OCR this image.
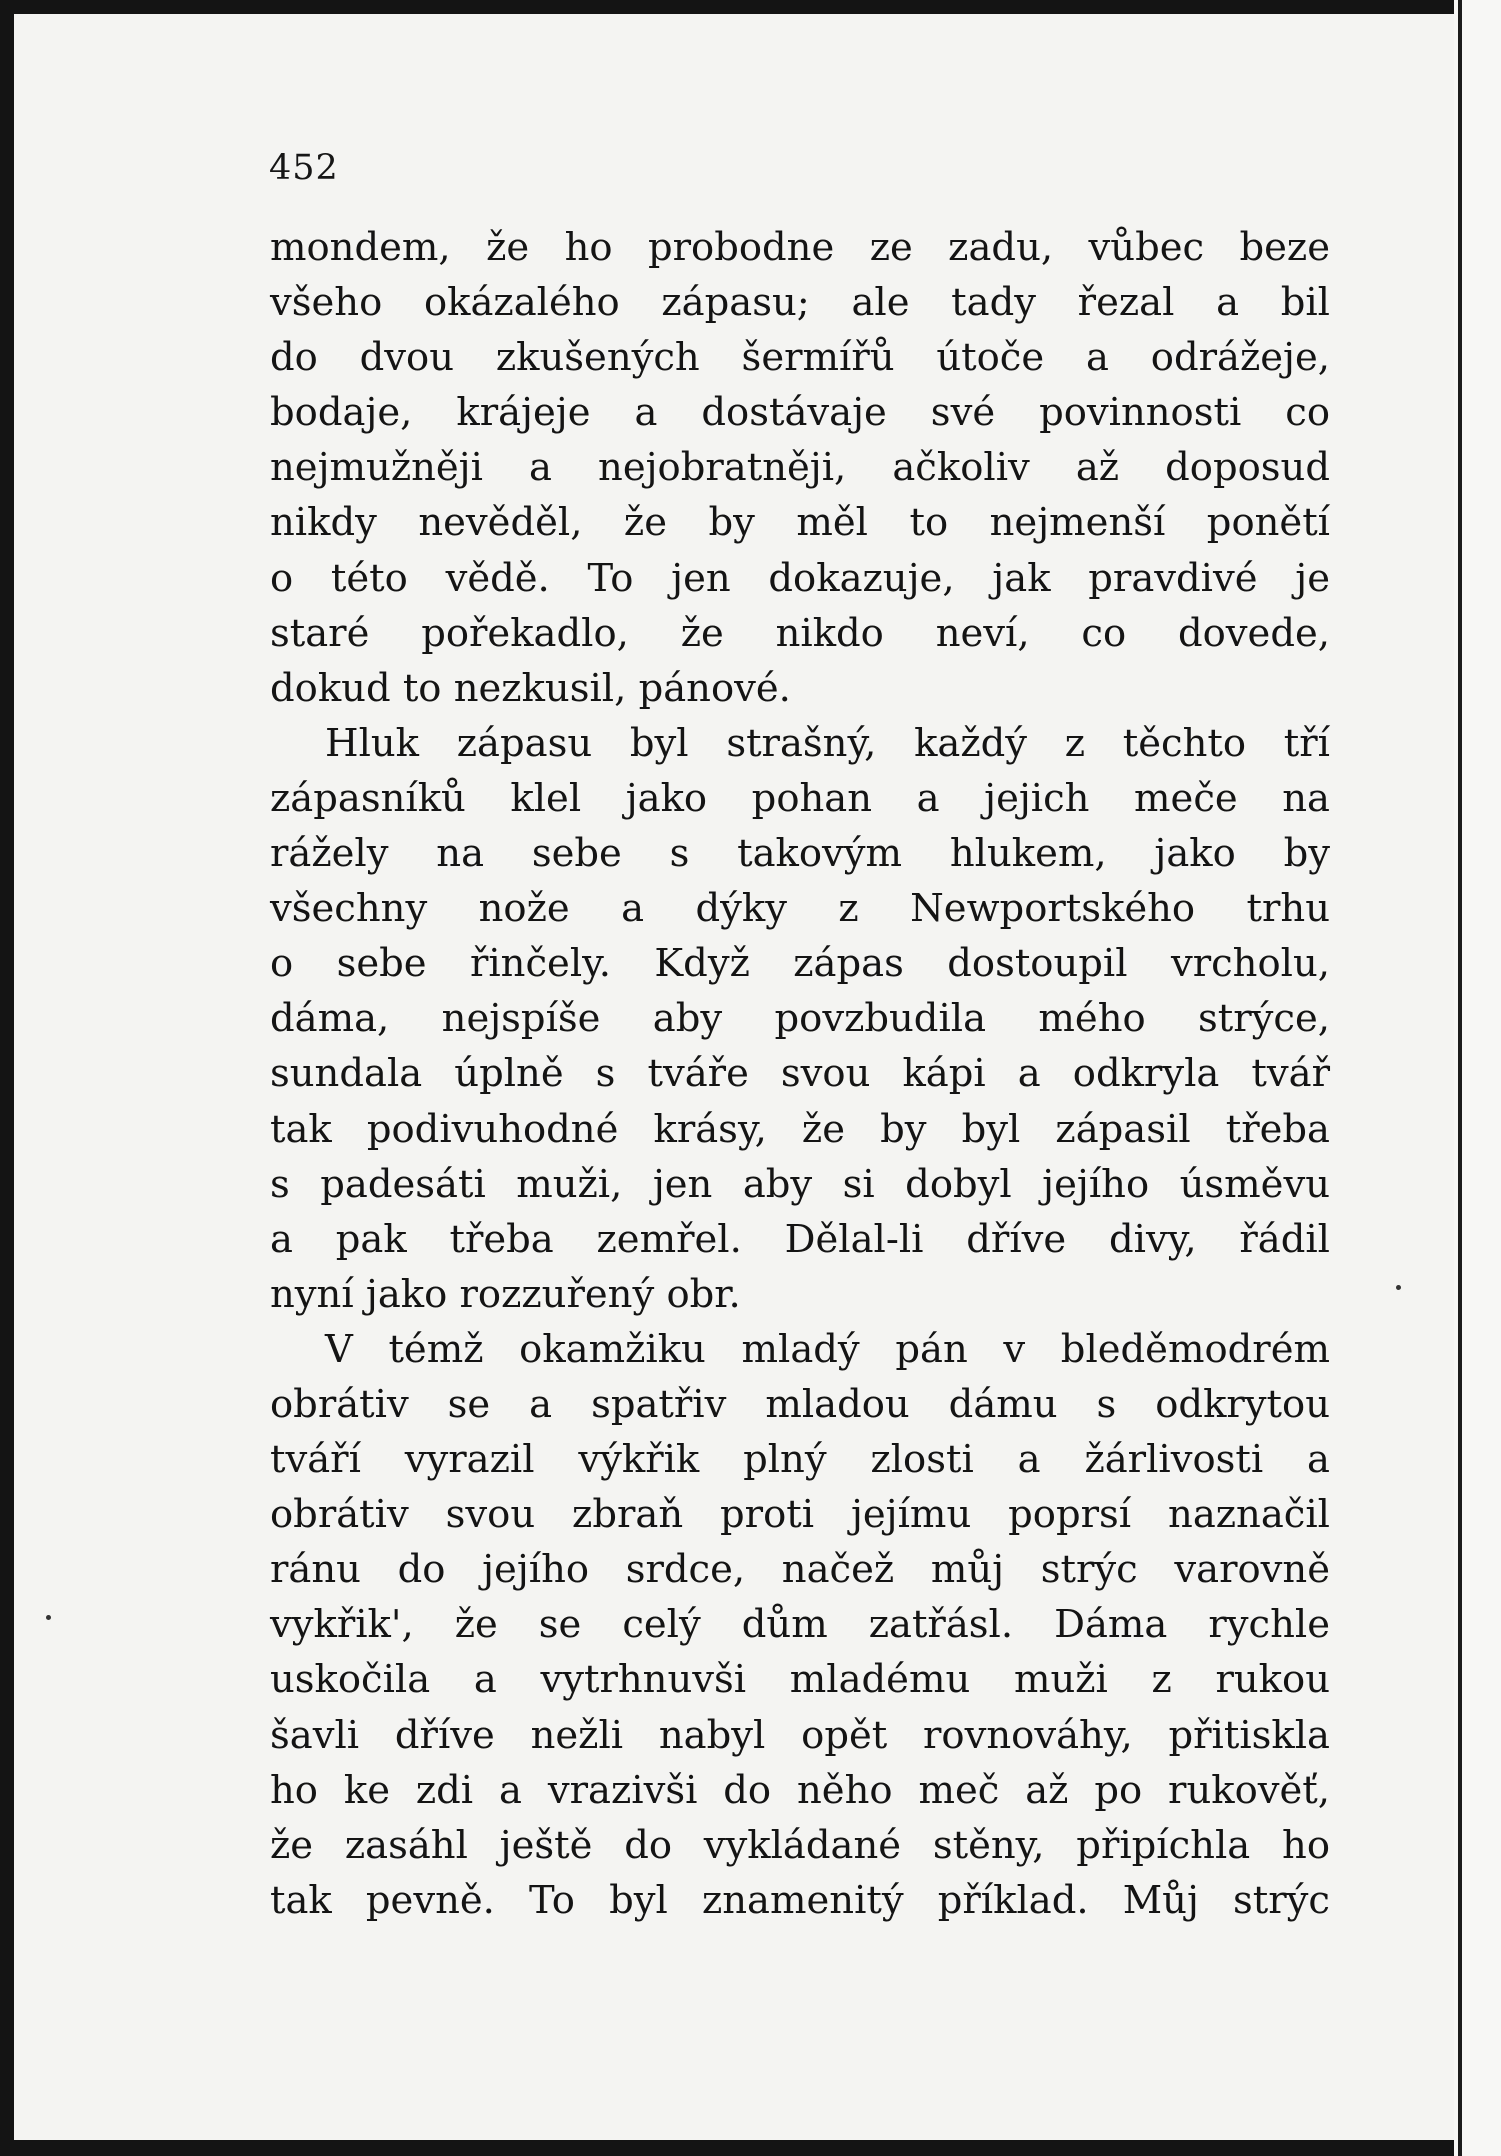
452
mondem, že ho probodne ze zadu, vůbec beze
všeho okázalého zápasu; ale tady řezal a bil
do dvou zkušených šermířů útoče a odrážeje,
bodaje, krájeje a dostávaje své povinnosti co
nejmužněji a nejobratněji, ačkoliv až doposud
nikdy nevěděl, že by měl to nejmenší ponětí
o této vědě. To jen dokazuje, jak pravdivé je
staré pořekadlo, že nikdo neví, co dovede,
dokud to nezkusil, pánové.
Hluk zápasu byl strašný, každý z těchto tří
zápasníků klel jako pohan a jejich meče na
rážely na sebe s takovým hlukem, jako by
všechny nože a dýky z Newportského trhu
o sebe řinčely. Když zápas dostoupil vrcholu,
dáma, nejspíše aby povzbudila mého strýce,
sundala úplně s tváře svou kápi a odkryla tvář
tak podivuhodné krásy, že by byl zápasil třeba
s padesáti muži, jen aby si dobyl jejího úsměvu
a pak třeba zemřel. Dělal-li dříve divy, řádil
nyní jako rozzuřený obr.
V témž okamžiku mladý pán v bleděmodrém
obrátiv se a spatřiv mladou dámu s odkrytou
tváří vyrazil výkřik plný zlosti a žárlivosti a
obrátiv svou zbraň proti jejímu poprsí naznačil
ránu do jejího srdce, načež můj strýc varovně
vykřik', že se celý dům zatřásl. Dáma rychle
uskočila a vytrhnuvši mladému muži z rukou
šavli dříve nežli nabyl opět rovnováhy, přitiskla
ho ke zdi a vrazivši do něho meč až po rukověť,
že zasáhl ještě do vykládané stěny, připíchla ho
tak pevně. To byl znamenitý příklad. Můj strýc
